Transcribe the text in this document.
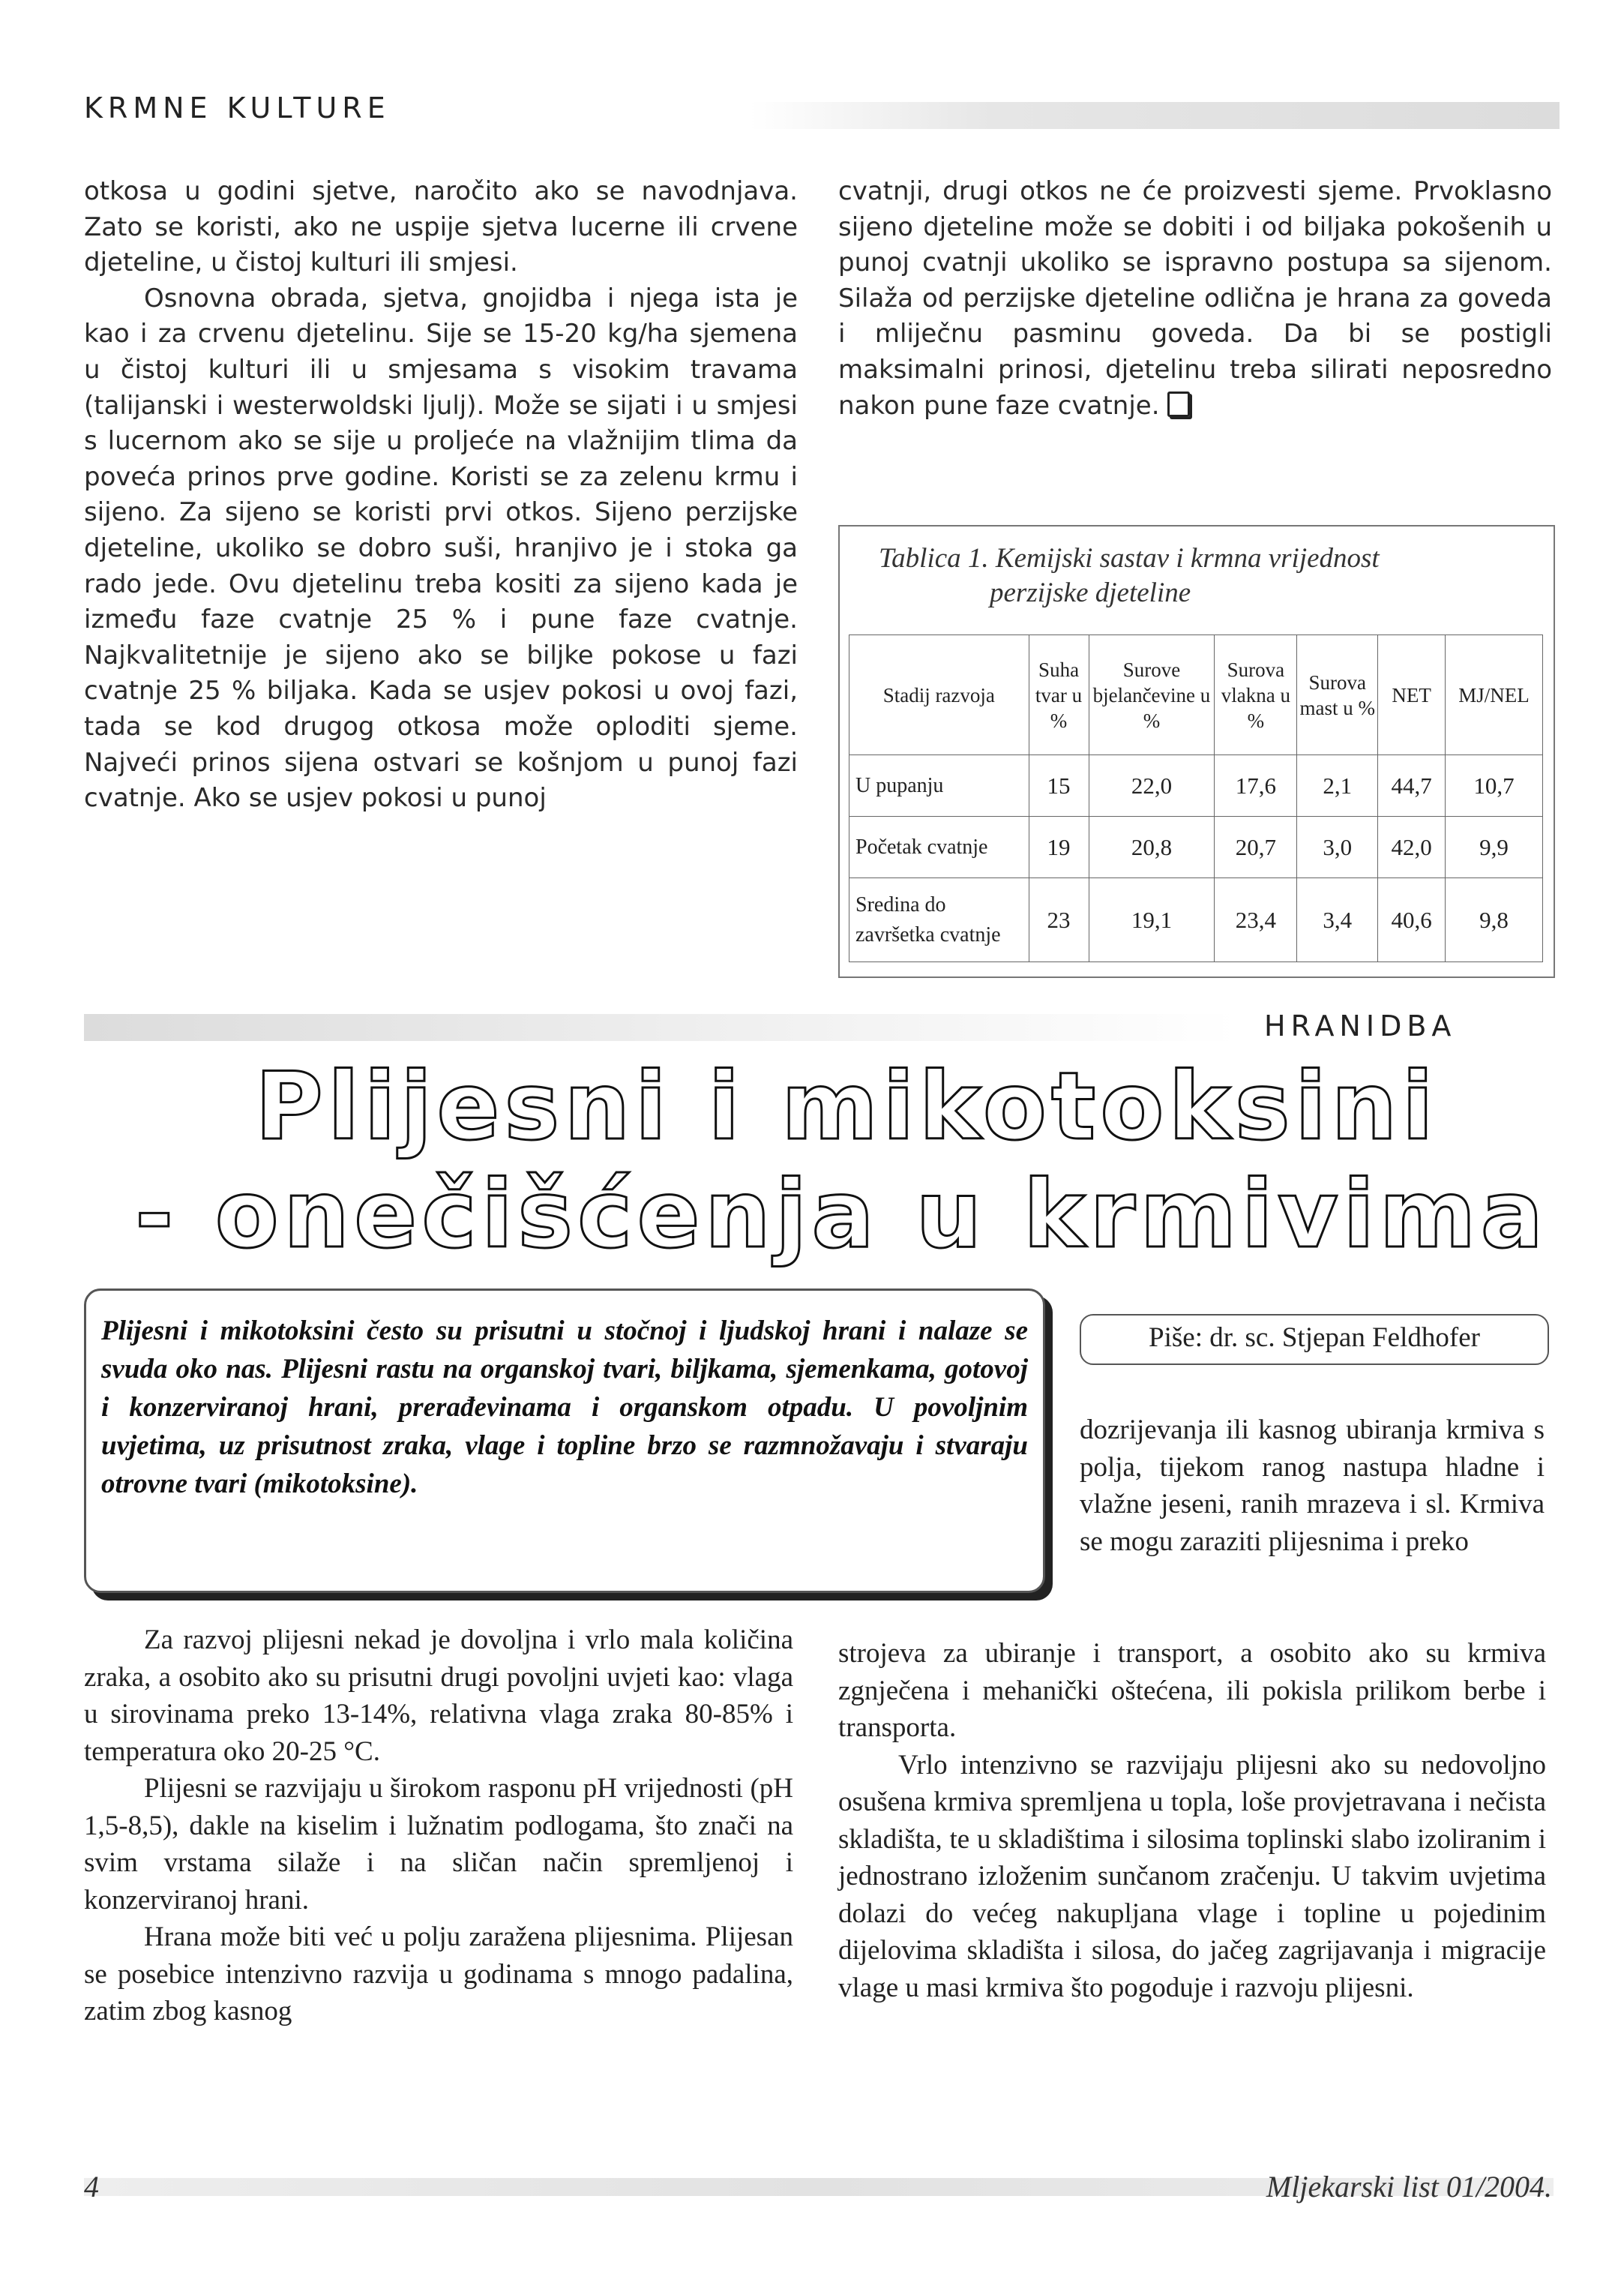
KRMNE KULTURE

otkosa u godini sjetve, naročito ako se navodnjava. Zato se koristi, ako ne uspije sjetva lucerne ili crvene djeteline, u čistoj kulturi ili smjesi.

Osnovna obrada, sjetva, gnojidba i njega ista je kao i za crvenu djetelinu. Sije se 15-20 kg/ha sjemena u čistoj kulturi ili u smjesama s visokim travama (talijanski i westerwoldski ljulj). Može se sijati i u smjesi s lucernom ako se sije u proljeće na vlažnijim tlima da poveća prinos prve godine. Koristi se za zelenu krmu i sijeno. Za sijeno se koristi prvi otkos. Sijeno perzijske djeteline, ukoliko se dobro suši, hranjivo je i stoka ga rado jede. Ovu djetelinu treba kositi za sijeno kada je između faze cvatnje 25 % i pune faze cvatnje. Najkvalitetnije je sijeno ako se biljke pokose u fazi cvatnje 25 % biljaka. Kada se usjev pokosi u ovoj fazi, tada se kod drugog otkosa može oploditi sjeme. Najveći prinos sijena ostvari se košnjom u punoj fazi cvatnje. Ako se usjev pokosi u punoj

cvatnji, drugi otkos ne će proizvesti sjeme. Prvoklasno sijeno djeteline može se dobiti i od biljaka pokošenih u punoj cvatnji ukoliko se ispravno postupa sa sijenom. Silaža od perzijske djeteline odlična je hrana za goveda i mliječnu pasminu goveda. Da bi se postigli maksimalni prinosi, djetelinu treba silirati neposredno nakon pune faze cvatnje.

Tablica 1. Kemijski sastav i krmna vrijednost
perzijske djeteline
Stadij razvoja	Suha tvar u %	Surove bjelančevine u %	Surova vlakna u %	Surova mast u %	NET	MJ/NEL
U pupanju	15	22,0	17,6	2,1	44,7	10,7
Početak cvatnje	19	20,8	20,7	3,0	42,0	9,9
Sredina do završetka cvatnje	23	19,1	23,4	3,4	40,6	9,8
HRANIDBA
Plijesni i mikotoksini
- onečišćenja u krmivima
Plijesni i mikotoksini često su prisutni u stočnoj i ljudskoj hrani i nalaze se svuda oko nas. Plijesni rastu na organskoj tvari, biljkama, sjemenkama, gotovoj i konzerviranoj hrani, prerađevinama i organskom otpadu. U povoljnim uvjetima, uz prisutnost zraka, vlage i topline brzo se razmnožavaju i stvaraju otrovne tvari (mikotoksine).
Piše: dr. sc. Stjepan Feldhofer

dozrijevanja ili kasnog ubiranja krmiva s polja, tijekom ranog nastupa hladne i vlažne jeseni, ranih mrazeva i sl. Krmiva se mogu zaraziti plijesnima i preko

Za razvoj plijesni nekad je dovoljna i vrlo mala količina zraka, a osobito ako su prisutni drugi povoljni uvjeti kao: vlaga u sirovinama preko 13-14%, relativna vlaga zraka 80-85% i temperatura oko 20-25 °C.

Plijesni se razvijaju u širokom rasponu pH vrijednosti (pH 1,5-8,5), dakle na kiselim i lužnatim podlogama, što znači na svim vrstama silaže i na sličan način spremljenoj i konzerviranoj hrani.

Hrana može biti već u polju zaražena plijesnima. Plijesan se posebice intenzivno razvija u godinama s mnogo padalina, zatim zbog kasnog

strojeva za ubiranje i transport, a osobito ako su krmiva zgnječena i mehanički oštećena, ili pokisla prilikom berbe i transporta.

Vrlo intenzivno se razvijaju plijesni ako su nedovoljno osušena krmiva spremljena u topla, loše provjetravana i nečista skladišta, te u skladištima i silosima toplinski slabo izoliranim i jednostrano izloženim sunčanom zračenju. U takvim uvjetima dolazi do većeg nakupljana vlage i topline u pojedinim dijelovima skladišta i silosa, do jačeg zagrijavanja i migracije vlage u masi krmiva što pogoduje i razvoju plijesni.

4	Mljekarski list 01/2004.
